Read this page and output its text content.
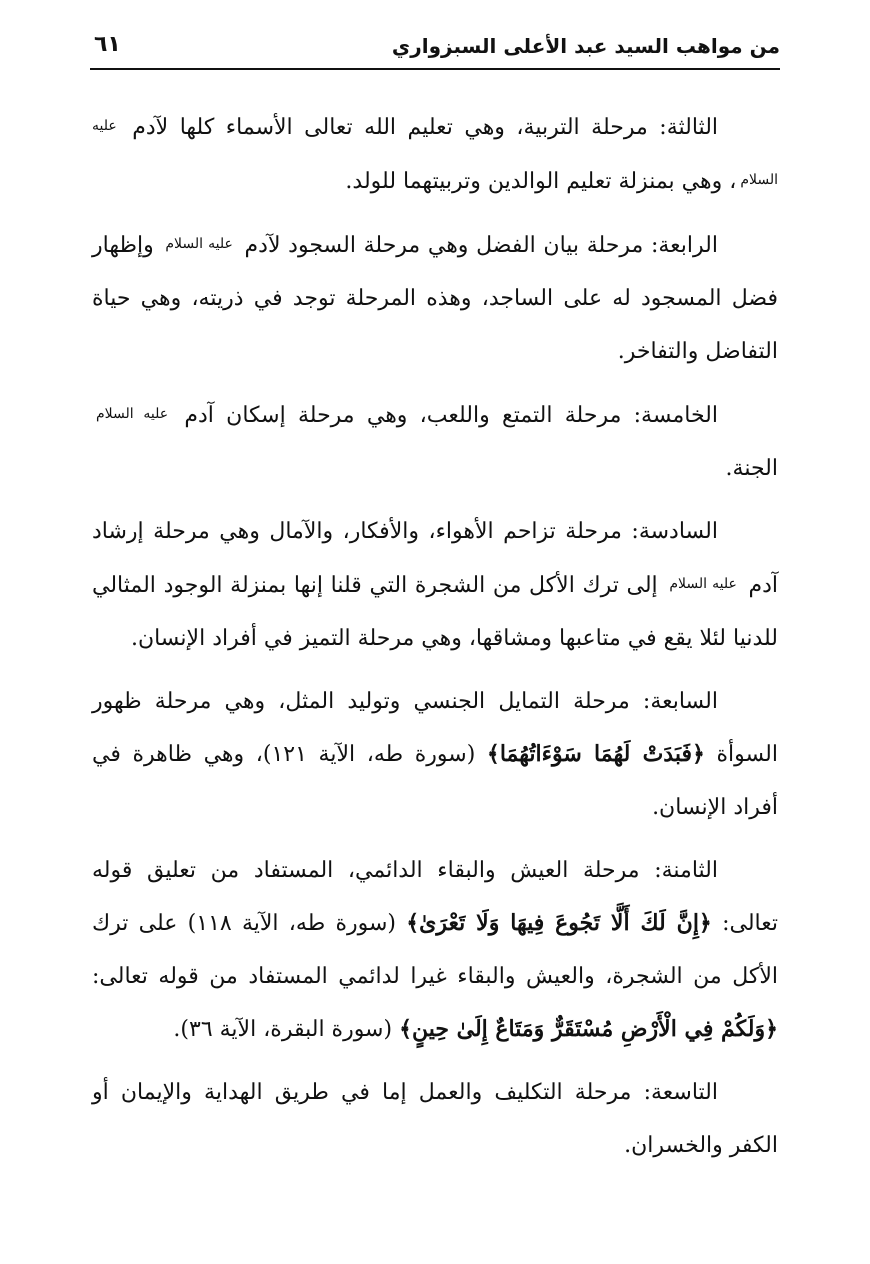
من مواهب السيد عبد الأعلى السبزواري
٦١

الثالثة: مرحلة التربية، وهي تعليم الله تعالى الأسماء كلها لآدم عليه السلام، وهي بمنزلة تعليم الوالدين وتربيتهما للولد.

الرابعة: مرحلة بيان الفضل وهي مرحلة السجود لآدم عليه السلام وإظهار فضل المسجود له على الساجد، وهذه المرحلة توجد في ذريته، وهي حياة التفاضل والتفاخر.

الخامسة: مرحلة التمتع واللعب، وهي مرحلة إسكان آدم عليه السلام الجنة.

السادسة: مرحلة تزاحم الأهواء، والأفكار، والآمال وهي مرحلة إرشاد آدم عليه السلام إلى ترك الأكل من الشجرة التي قلنا إنها بمنزلة الوجود المثالي للدنيا لئلا يقع في متاعبها ومشاقها، وهي مرحلة التميز في أفراد الإنسان.

السابعة: مرحلة التمايل الجنسي وتوليد المثل، وهي مرحلة ظهور السوأة ﴿فَبَدَتْ لَهُمَا سَوْءَاتُهُمَا﴾ (سورة طه، الآية ١٢١)، وهي ظاهرة في أفراد الإنسان.

الثامنة: مرحلة العيش والبقاء الدائمي، المستفاد من تعليق قوله تعالى: ﴿إِنَّ لَكَ أَلَّا تَجُوعَ فِيهَا وَلَا تَعْرَىٰ﴾ (سورة طه، الآية ١١٨) على ترك الأكل من الشجرة، والعيش والبقاء غيرا لدائمي المستفاد من قوله تعالى: ﴿وَلَكُمْ فِي الْأَرْضِ مُسْتَقَرٌّ وَمَتَاعٌ إِلَىٰ حِينٍ﴾ (سورة البقرة، الآية ٣٦).

التاسعة: مرحلة التكليف والعمل إما في طريق الهداية والإيمان أو الكفر والخسران.
